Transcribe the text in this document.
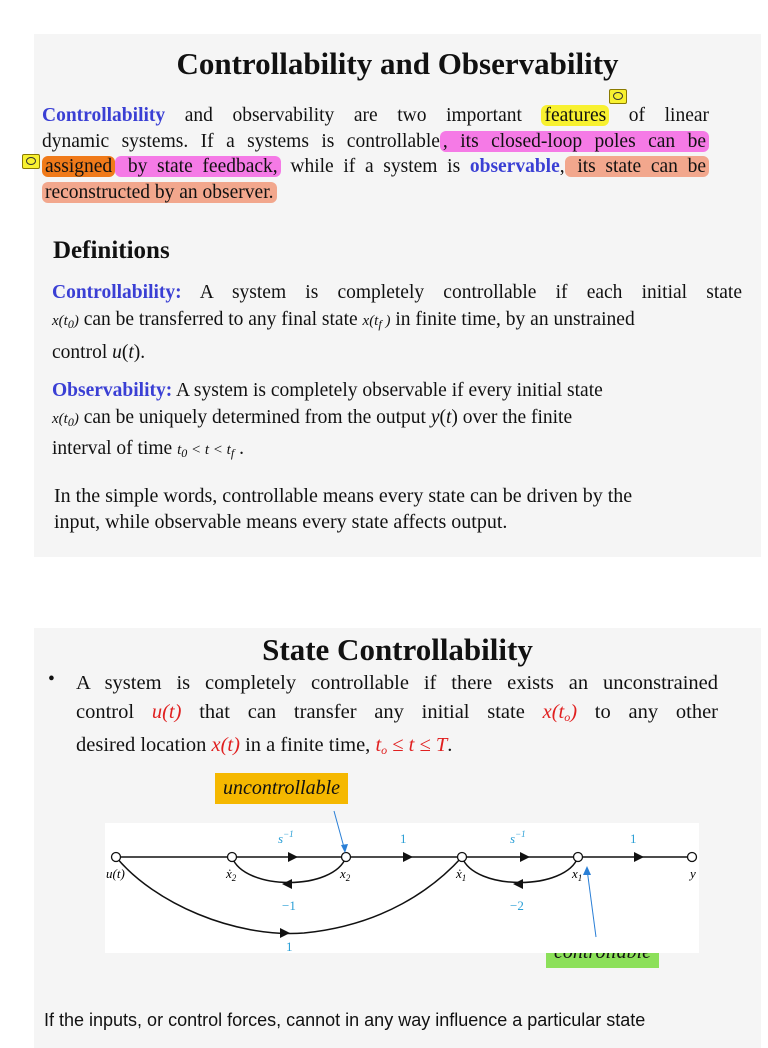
Controllability and Observability
Controllability and observability are two important features of linear
dynamic systems. If a systems is controllable , its closed-loop poles can be
assigned by state feedback, while if a system is observable, its state can be
reconstructed by an observer.
Definitions
Controllability: A system is completely controllable if each initial state
$x(t_0)$ can be transferred to any final state $x(t_f$ ) in finite time, by an unstrained
control u(t).
Observability: A system is completely observable if every initial state
$x(t_0)$ can be uniquely determined from the output y(t) over the finite
interval of time $t_0 < t < t_f$ .
In the simple words, controllable means every state can be driven by the
input, while observable means every state affects output.
State Controllability
• A system is completely controllable if there exists an unconstrained
control u(t) that can transfer any initial state $x(t_o)$ to any other
desired location x(t) in a finite time, $t_o \le t \le T$.
uncontrollable
u(t)	ẋ$_2$	$x_2$	ẋ$_1$	$x_1$	y
$s^{-1}$	1	$s^{-1}$	1
−1	−2
1
If the inputs, or control forces, cannot in any way influence a particular state
